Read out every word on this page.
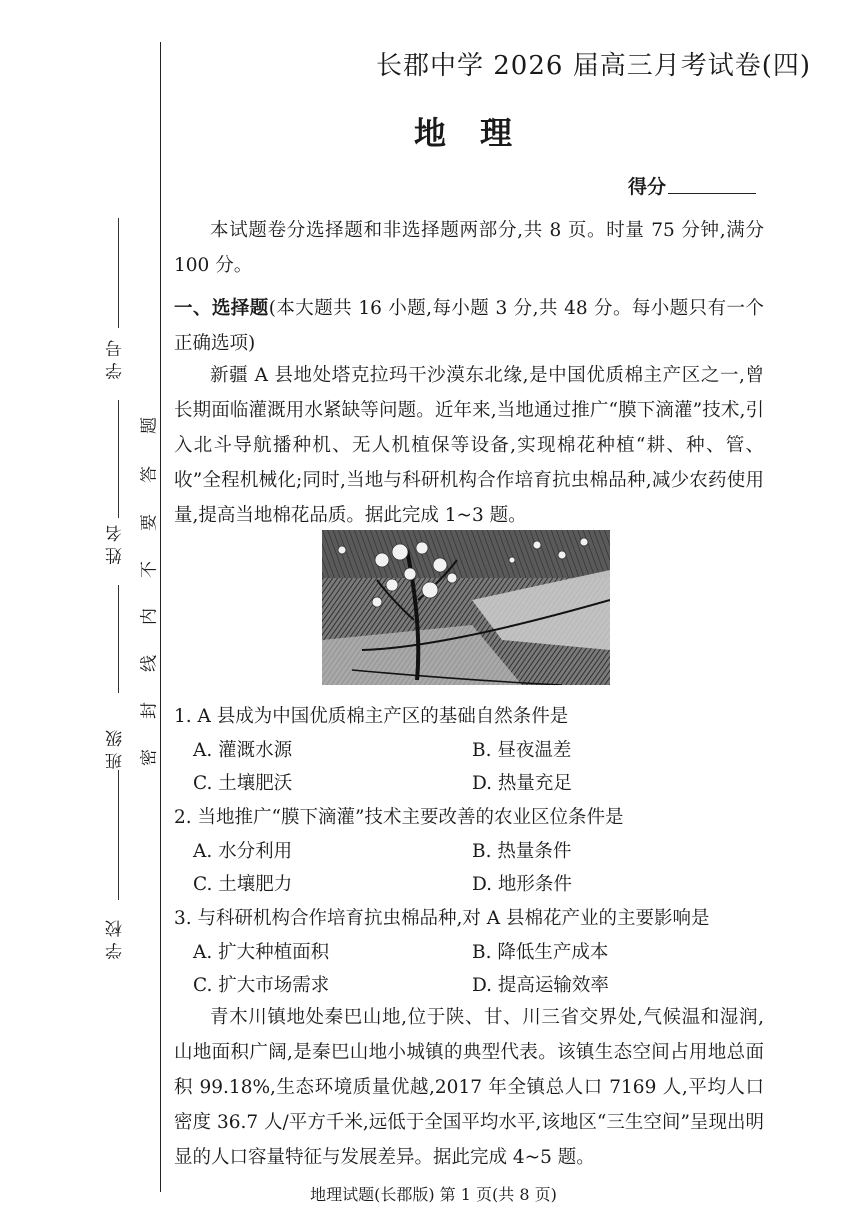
学 号
姓 名
班 级
学 校
题
答
要
不
内
线
封
密
长郡中学 2026 届高三月考试卷(四)
地理
得分
本试题卷分选择题和非选择题两部分,共 8 页。时量 75 分钟,满分 100 分。
一、选择题(本大题共 16 小题,每小题 3 分,共 48 分。每小题只有一个正确选项)
新疆 A 县地处塔克拉玛干沙漠东北缘,是中国优质棉主产区之一,曾长期面临灌溉用水紧缺等问题。近年来,当地通过推广“膜下滴灌”技术,引入北斗导航播种机、无人机植保等设备,实现棉花种植“耕、种、管、收”全程机械化;同时,当地与科研机构合作培育抗虫棉品种,减少农药使用量,提高当地棉花品质。据此完成 1~3 题。
1. A 县成为中国优质棉主产区的基础自然条件是
A. 灌溉水源	B. 昼夜温差
C. 土壤肥沃	D. 热量充足
2. 当地推广“膜下滴灌”技术主要改善的农业区位条件是
A. 水分利用	B. 热量条件
C. 土壤肥力	D. 地形条件
3. 与科研机构合作培育抗虫棉品种,对 A 县棉花产业的主要影响是
A. 扩大种植面积	B. 降低生产成本
C. 扩大市场需求	D. 提高运输效率
青木川镇地处秦巴山地,位于陕、甘、川三省交界处,气候温和湿润,山地面积广阔,是秦巴山地小城镇的典型代表。该镇生态空间占用地总面积 99.18%,生态环境质量优越,2017 年全镇总人口 7169 人,平均人口密度 36.7 人/平方千米,远低于全国平均水平,该地区“三生空间”呈现出明显的人口容量特征与发展差异。据此完成 4~5 题。
地理试题(长郡版) 第 1 页(共 8 页)
